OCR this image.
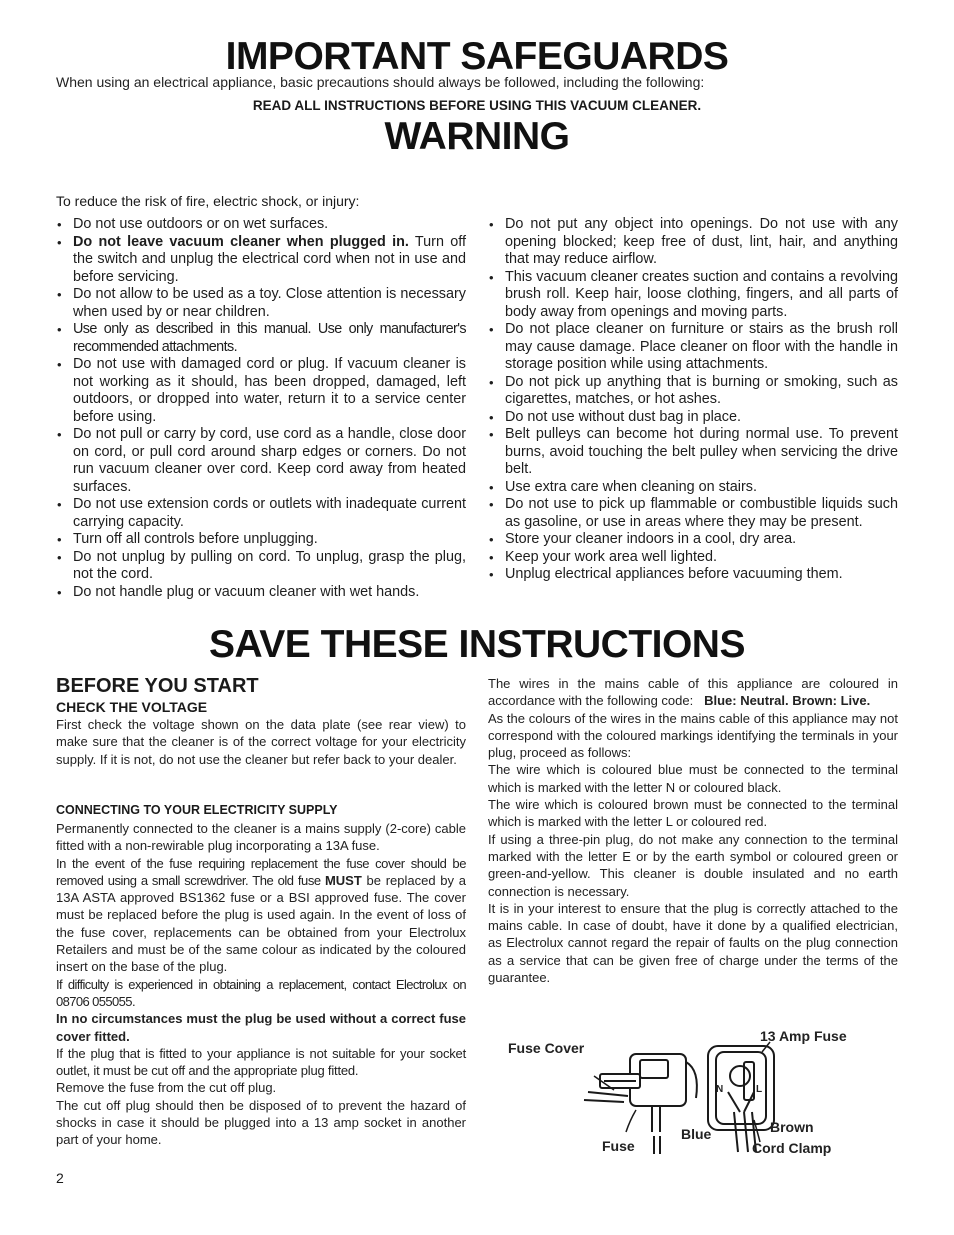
IMPORTANT SAFEGUARDS
When using an electrical appliance, basic precautions should always be followed, including the following:
READ ALL INSTRUCTIONS BEFORE USING THIS VACUUM CLEANER.
WARNING
To reduce the risk of fire, electric shock, or injury:
• Do not use outdoors or on wet surfaces.
• Do not leave vacuum cleaner when plugged in. Turn off the switch and unplug the electrical cord when not in use and before servicing.
• Do not allow to be used as a toy. Close attention is necessary when used by or near children.
• Use only as described in this manual. Use only manufacturer's recommended attachments.
• Do not use with damaged cord or plug. If vacuum cleaner is not working as it should, has been dropped, damaged, left outdoors, or dropped into water, return it to a service center before using.
• Do not pull or carry by cord, use cord as a handle, close door on cord, or pull cord around sharp edges or corners. Do not run vacuum cleaner over cord. Keep cord away from heated surfaces.
• Do not use extension cords or outlets with inadequate current carrying capacity.
• Turn off all controls before unplugging.
• Do not unplug by pulling on cord. To unplug, grasp the plug, not the cord.
• Do not handle plug or vacuum cleaner with wet hands.
• Do not put any object into openings. Do not use with any opening blocked; keep free of dust, lint, hair, and anything that may reduce airflow.
• This vacuum cleaner creates suction and contains a revolving brush roll. Keep hair, loose clothing, fingers, and all parts of body away from openings and moving parts.
• Do not place cleaner on furniture or stairs as the brush roll may cause damage. Place cleaner on floor with the handle in storage position while using attachments.
• Do not pick up anything that is burning or smoking, such as cigarettes, matches, or hot ashes.
• Do not use without dust bag in place.
• Belt pulleys can become hot during normal use. To prevent burns, avoid touching the belt pulley when servicing the drive belt.
• Use extra care when cleaning on stairs.
• Do not use to pick up flammable or combustible liquids such as gasoline, or use in areas where they may be present.
• Store your cleaner indoors in a cool, dry area.
• Keep your work area well lighted.
• Unplug electrical appliances before vacuuming them.
SAVE THESE INSTRUCTIONS
BEFORE YOU START
CHECK THE VOLTAGE
First check the voltage shown on the data plate (see rear view) to make sure that the cleaner is of the correct voltage for your electricity supply. If it is not, do not use the cleaner but refer back to your dealer.
CONNECTING TO YOUR ELECTRICITY SUPPLY

Permanently connected to the cleaner is a mains supply (2-core) cable fitted with a non-rewirable plug incorporating a 13A fuse.

In the event of the fuse requiring replacement the fuse cover should be removed using a small screwdriver. The old fuse MUST be replaced by a 13A ASTA approved BS1362 fuse or a BSI approved fuse. The cover must be replaced before the plug is used again. In the event of loss of the fuse cover, replacements can be obtained from your Electrolux Retailers and must be of the same colour as indicated by the coloured insert on the base of the plug.

If difficulty is experienced in obtaining a replacement, contact Electrolux on 08706 055055.

In no circumstances must the plug be used without a correct fuse cover fitted.

If the plug that is fitted to your appliance is not suitable for your socket outlet, it must be cut off and the appropriate plug fitted.

Remove the fuse from the cut off plug.

The cut off plug should then be disposed of to prevent the hazard of shocks in case it should be plugged into a 13 amp socket in another part of your home.

The wires in the mains cable of this appliance are coloured in accordance with the following code: Blue: Neutral. Brown: Live.

As the colours of the wires in the mains cable of this appliance may not correspond with the coloured markings identifying the terminals in your plug, proceed as follows:

The wire which is coloured blue must be connected to the terminal which is marked with the letter N or coloured black.

The wire which is coloured brown must be connected to the terminal which is marked with the letter L or coloured red.

If using a three-pin plug, do not make any connection to the terminal marked with the letter E or by the earth symbol or coloured green or green-and-yellow. This cleaner is double insulated and no earth connection is necessary.

It is in your interest to ensure that the plug is correctly attached to the mains cable. In case of doubt, have it done by a qualified electrician, as Electrolux cannot regard the repair of faults on the plug connection as a service that can be given free of charge under the terms of the guarantee.

Fuse Cover
13 Amp Fuse
Fuse
Blue	Brown
Cord Clamp
N	L
2
